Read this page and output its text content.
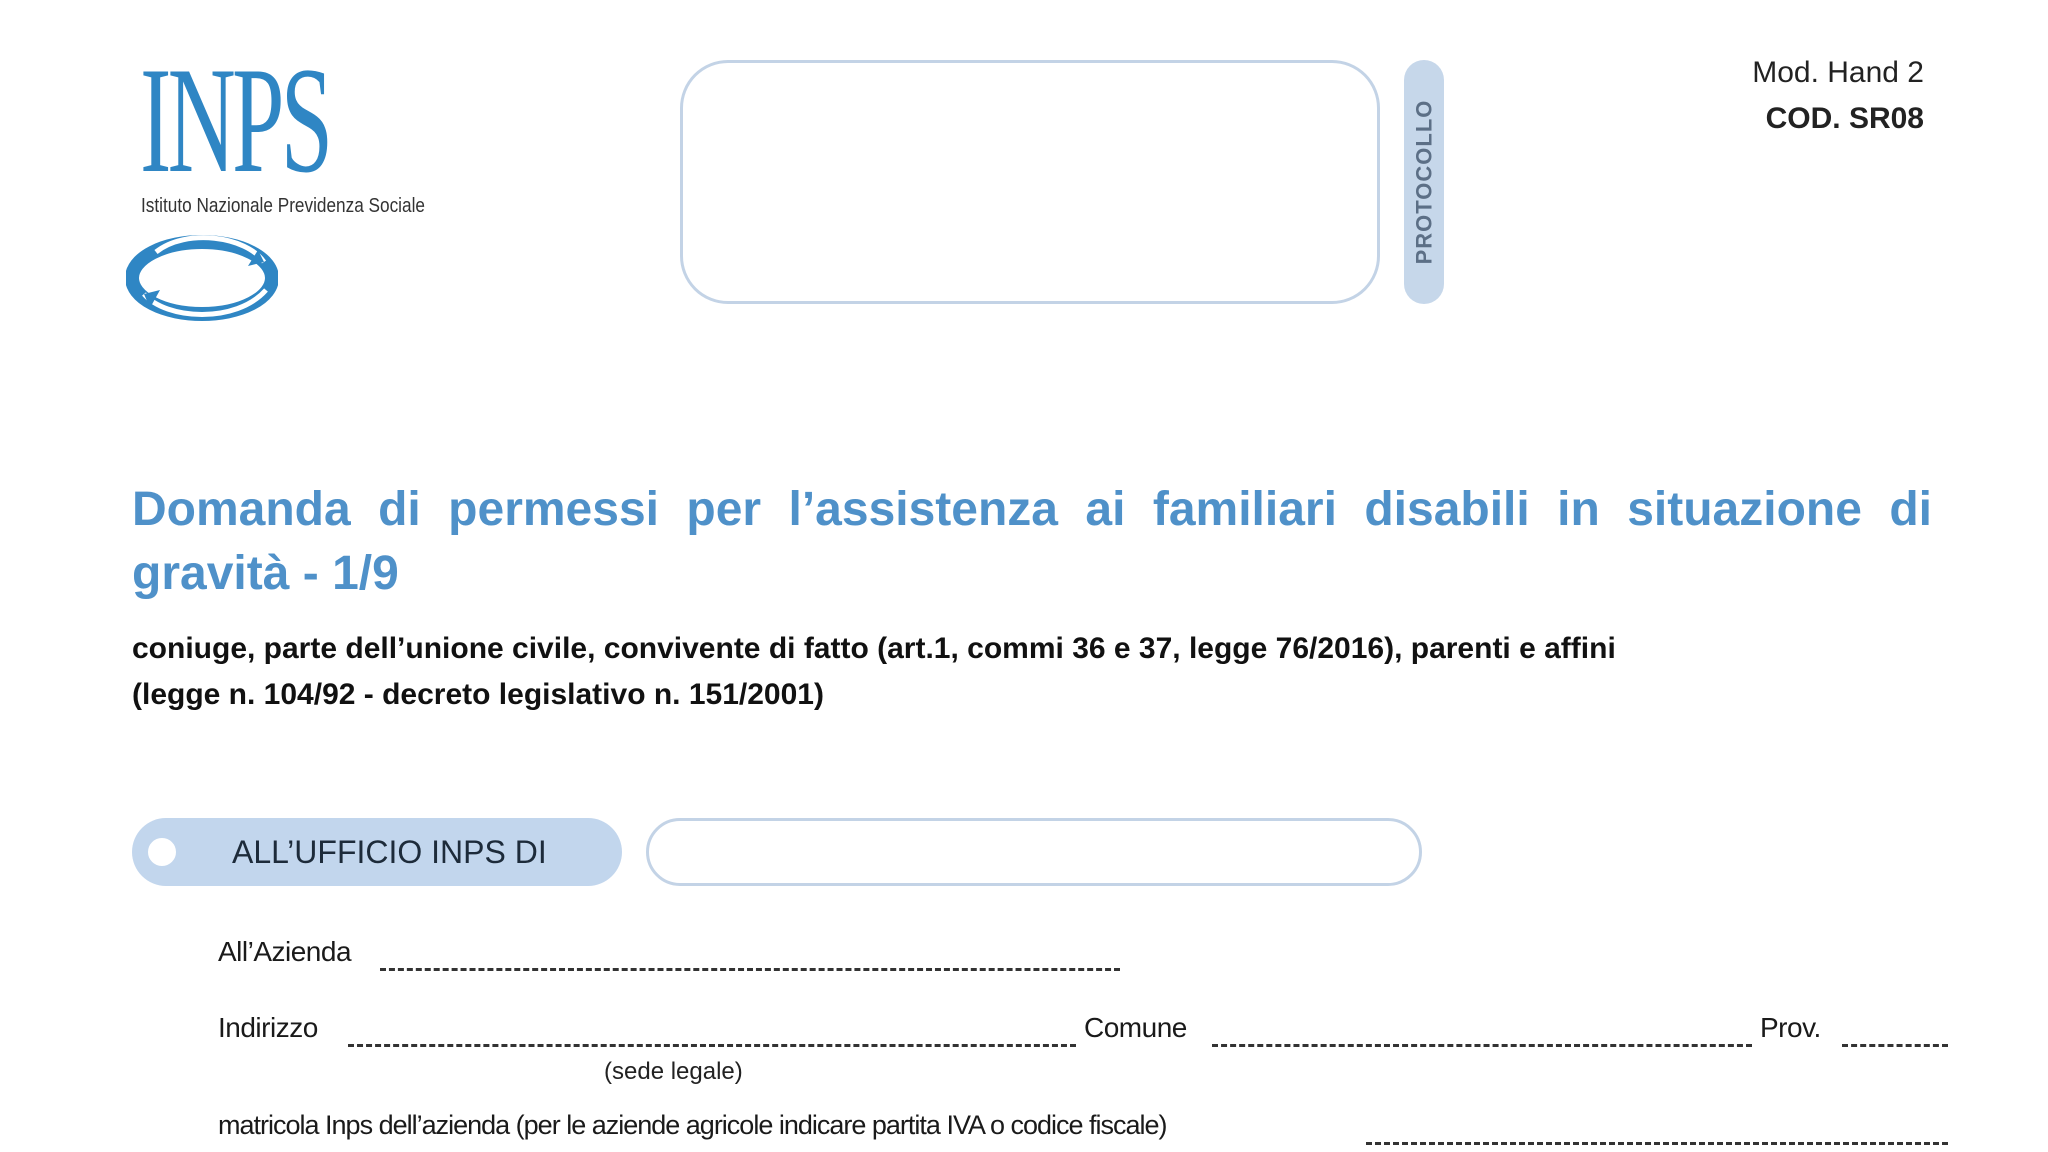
INPS
Istituto Nazionale Previdenza Sociale	PROTOCOLLO
Mod. Hand 2
COD. SR08
Domanda di permessi per l’assistenza ai familiari disabili in situazione di gravità - 1/9
coniuge, parte dell’unione civile, convivente di fatto (art.1, commi 36 e 37, legge 76/2016), parenti e affini
(legge n. 104/92 - decreto legislativo n. 151/2001)
ALL’UFFICIO INPS DI
All’Azienda
Indirizzo	Comune	Prov.
(sede legale)
matricola Inps dell’azienda (per le aziende agricole indicare partita IVA o codice fiscale)
